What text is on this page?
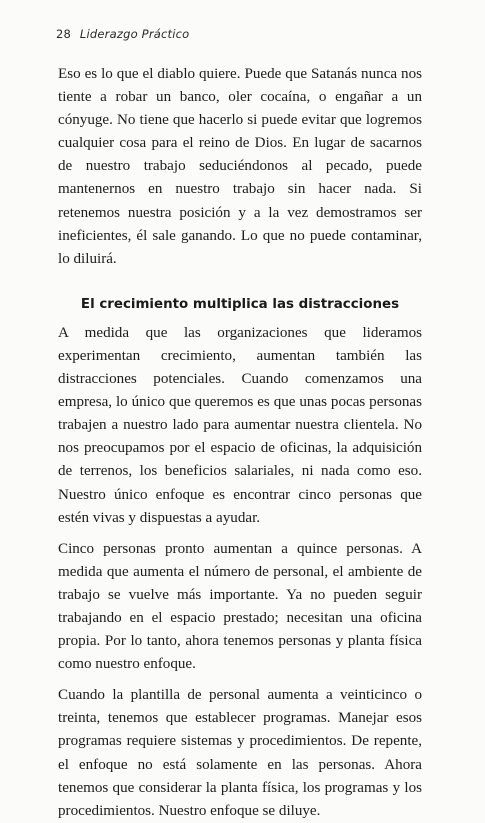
28 Liderazgo Práctico

Eso es lo que el diablo quiere. Puede que Satanás nunca nos tiente a robar un banco, oler cocaína, o engañar a un cónyuge. No tiene que hacerlo si puede evitar que logremos cualquier cosa para el reino de Dios. En lugar de sacarnos de nuestro trabajo seduciéndonos al pecado, puede mantenernos en nuestro trabajo sin hacer nada. Si retenemos nuestra posición y a la vez demostramos ser ineficientes, él sale ganando. Lo que no puede contaminar, lo diluirá.

El crecimiento multiplica las distracciones

A medida que las organizaciones que lideramos experimentan crecimiento, aumentan también las distracciones potenciales. Cuando comenzamos una empresa, lo único que queremos es que unas pocas personas trabajen a nuestro lado para aumentar nuestra clientela. No nos preocupamos por el espacio de oficinas, la adquisición de terrenos, los beneficios salariales, ni nada como eso. Nuestro único enfoque es encontrar cinco personas que estén vivas y dispuestas a ayudar.

Cinco personas pronto aumentan a quince personas. A medida que aumenta el número de personal, el ambiente de trabajo se vuelve más importante. Ya no pueden seguir trabajando en el espacio prestado; necesitan una oficina propia. Por lo tanto, ahora tenemos personas y planta física como nuestro enfoque.

Cuando la plantilla de personal aumenta a veinticinco o treinta, tenemos que establecer programas. Manejar esos programas requiere sistemas y procedimientos. De repente, el enfoque no está solamente en las personas. Ahora tenemos que considerar la planta física, los programas y los procedimientos. Nuestro enfoque se diluye.
